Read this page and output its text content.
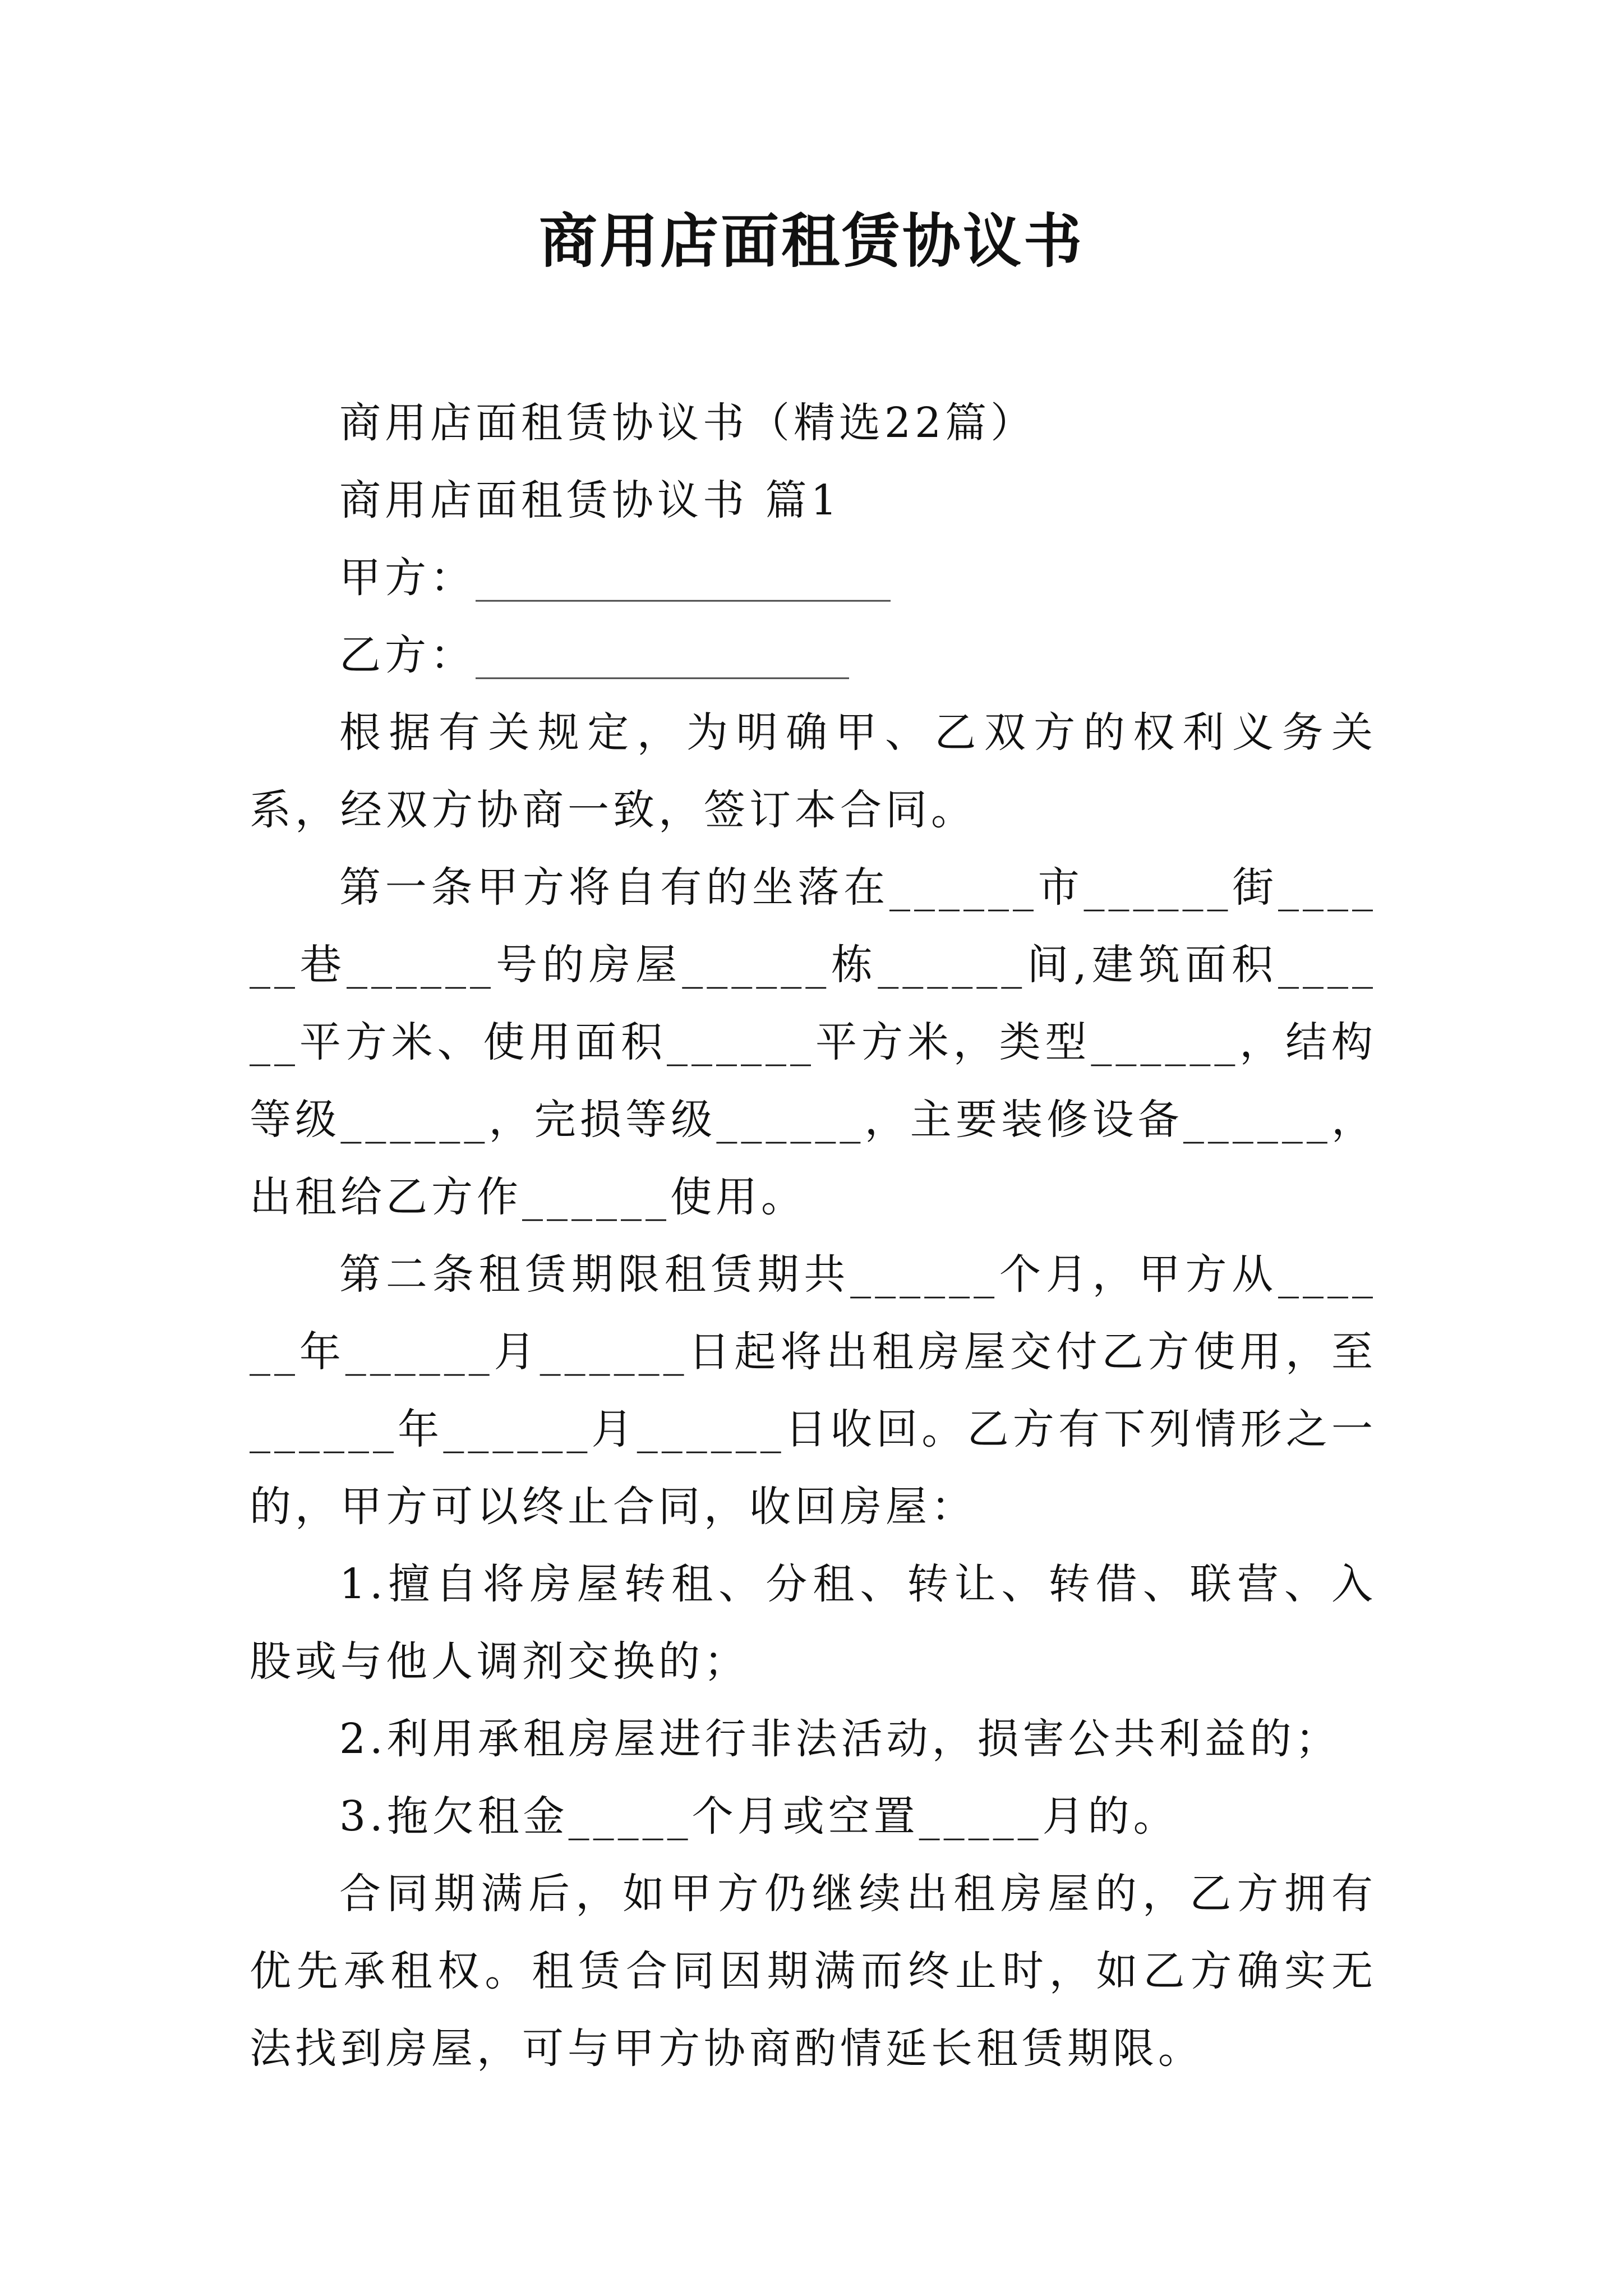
商用店面租赁协议书

商用店面租赁协议书（精选22篇）

商用店面租赁协议书 篇1

甲方：____________________

乙方：__________________

根据有关规定，为明确甲、乙双方的权利义务关系，经双方协商一致，签订本合同。

第一条甲方将自有的坐落在______市______街______巷______号的房屋______栋______间,建筑面积______平方米、使用面积______平方米，类型______，结构等级______，完损等级______，主要装修设备______，出租给乙方作______使用。

第二条租赁期限租赁期共______个月，甲方从______年______月______日起将出租房屋交付乙方使用，至______年______月______日收回。乙方有下列情形之一的，甲方可以终止合同，收回房屋：

1.擅自将房屋转租、分租、转让、转借、联营、入股或与他人调剂交换的；

2.利用承租房屋进行非法活动，损害公共利益的；

3.拖欠租金_____个月或空置_____月的。

合同期满后，如甲方仍继续出租房屋的，乙方拥有优先承租权。租赁合同因期满而终止时，如乙方确实无法找到房屋，可与甲方协商酌情延长租赁期限。
